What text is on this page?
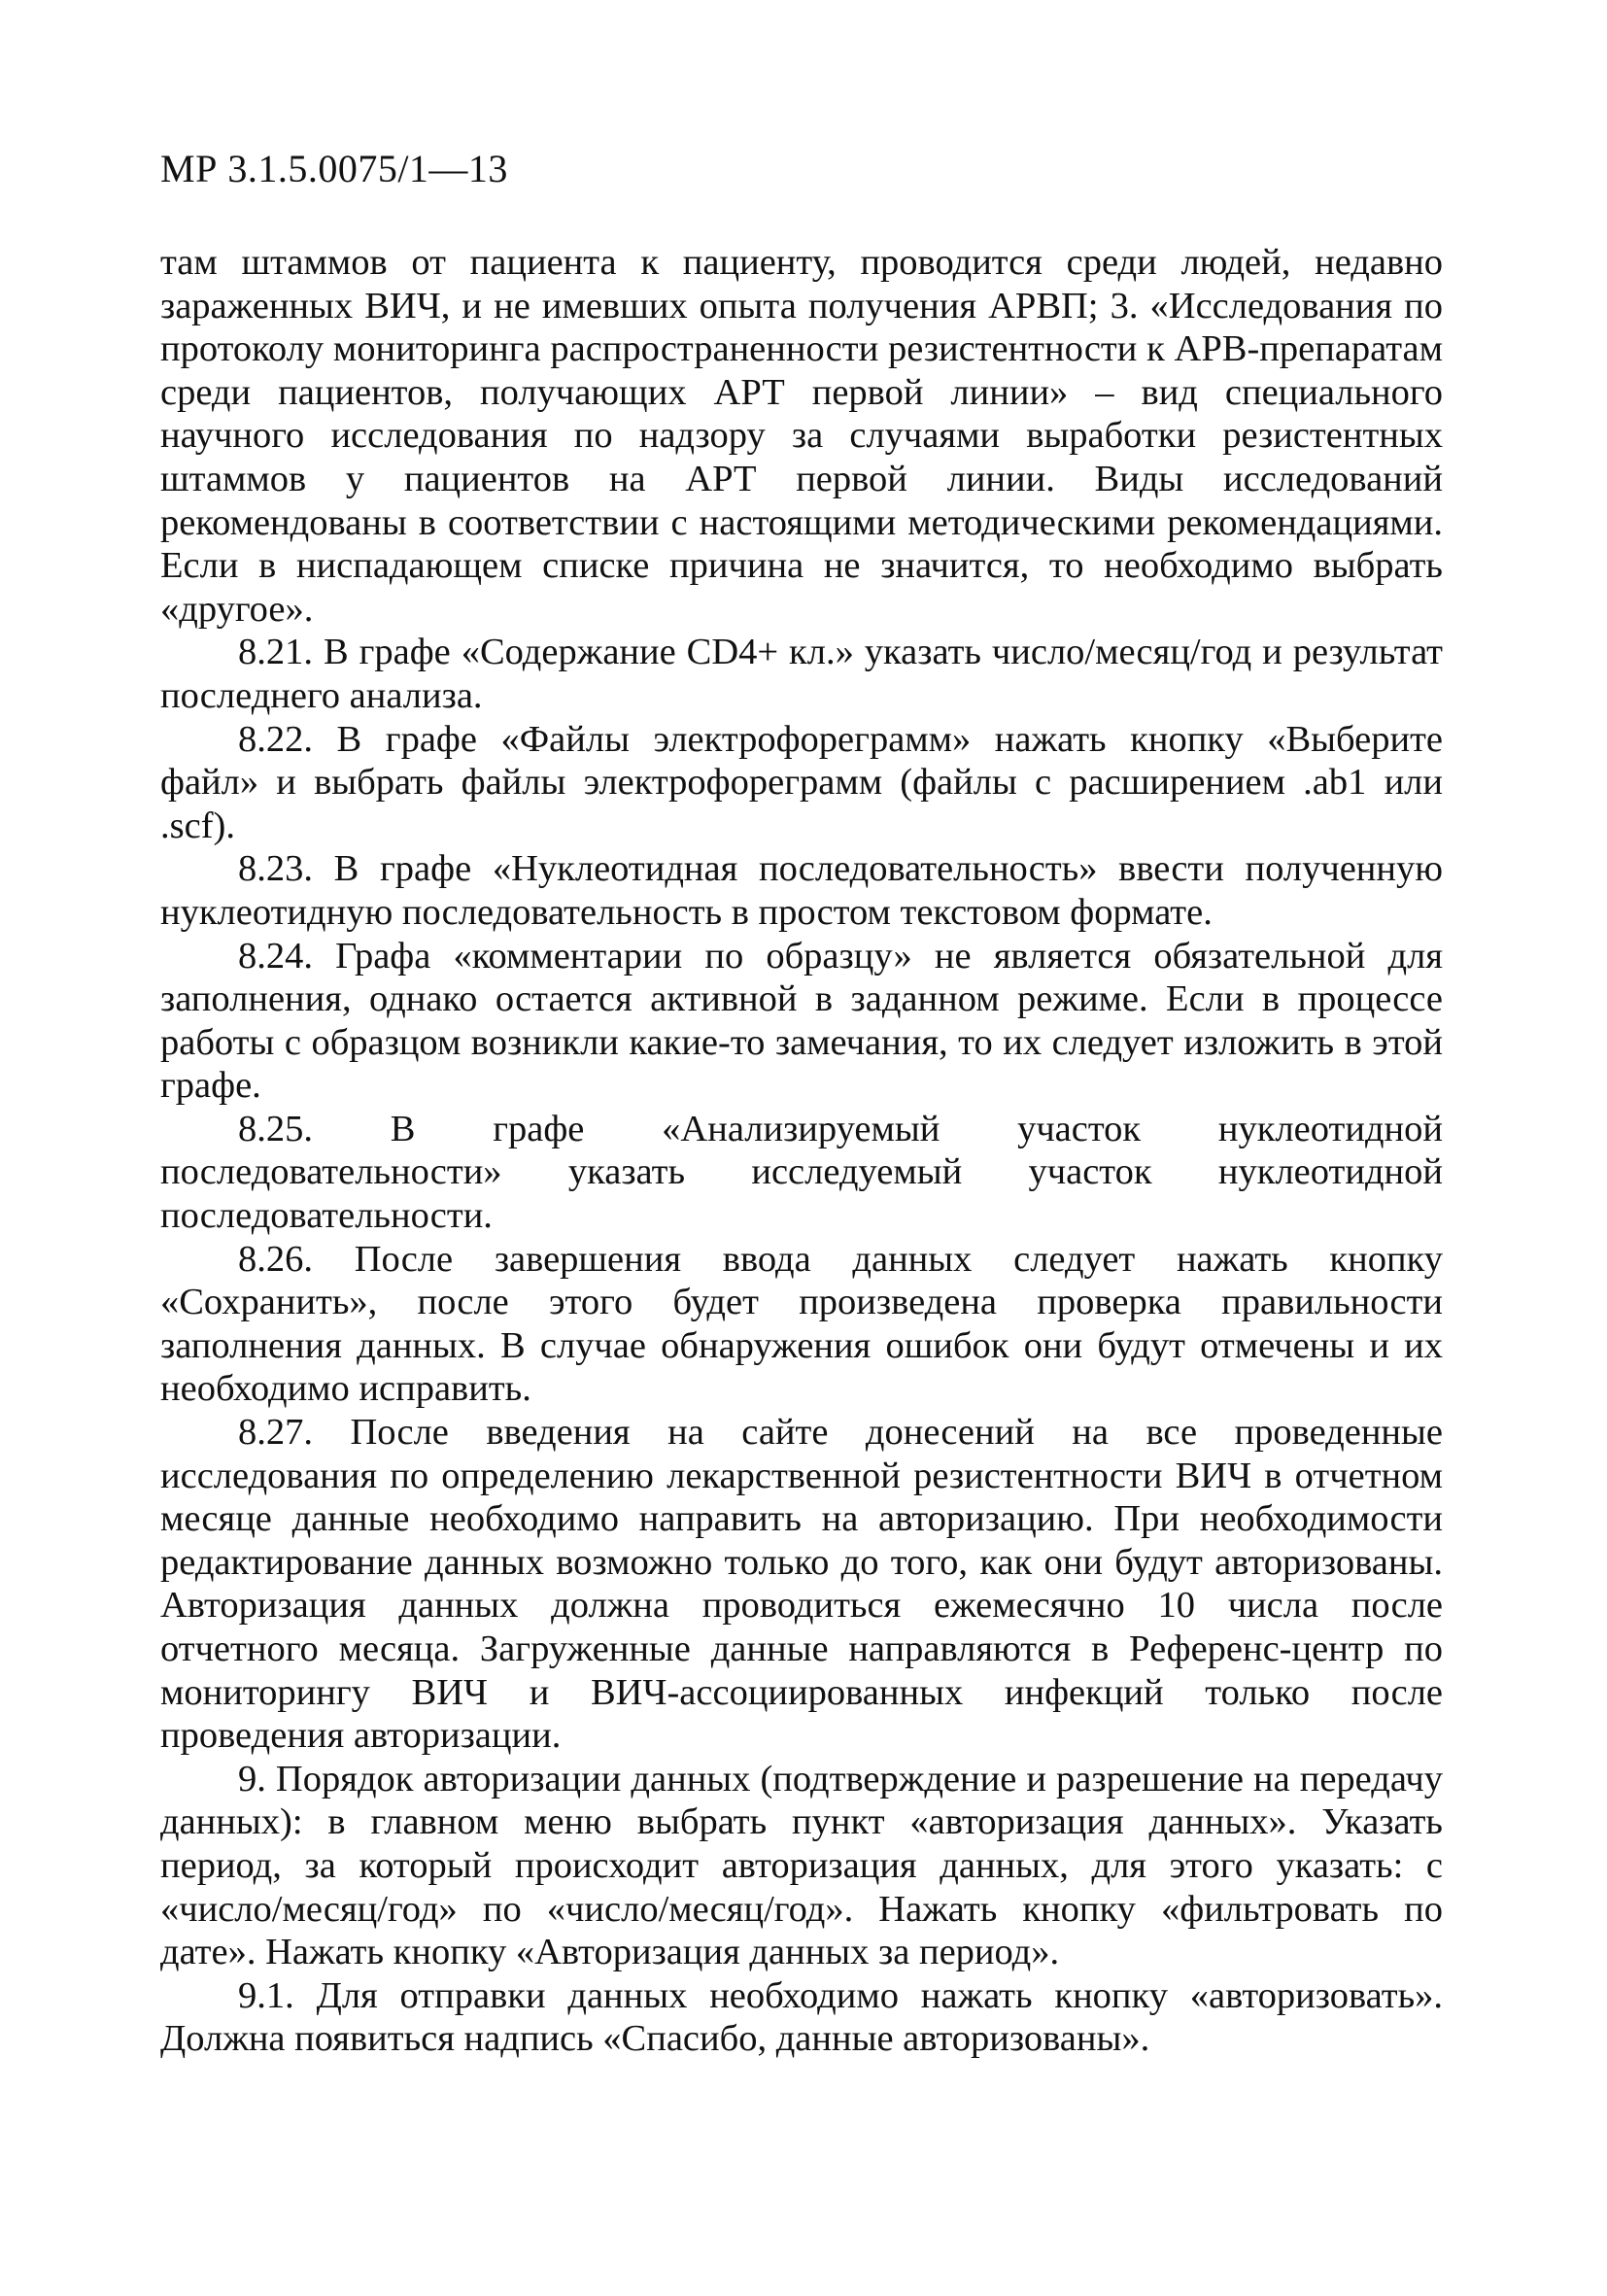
МР 3.1.5.0075/1—13

там штаммов от пациента к пациенту, проводится среди людей, недавно зараженных ВИЧ, и не имевших опыта получения АРВП; 3. «Исследования по протоколу мониторинга распространенности резистентности к АРВ-препаратам среди пациентов, получающих АРТ первой линии» – вид специального научного исследования по надзору за случаями выработки резистентных штаммов у пациентов на АРТ первой линии. Виды исследований рекомендованы в соответствии с настоящими методическими рекомендациями. Если в ниспадающем списке причина не значится, то необходимо выбрать «другое».

8.21. В графе «Содержание CD4+ кл.» указать число/месяц/год и результат последнего анализа.

8.22. В графе «Файлы электрофореграмм» нажать кнопку «Выберите файл» и выбрать файлы электрофореграмм (файлы с расширением .ab1 или .scf).

8.23. В графе «Нуклеотидная последовательность» ввести полученную нуклеотидную последовательность в простом текстовом формате.

8.24. Графа «комментарии по образцу» не является обязательной для заполнения, однако остается активной в заданном режиме. Если в процессе работы с образцом возникли какие-то замечания, то их следует изложить в этой графе.

8.25. В графе «Анализируемый участок нуклеотидной последовательности» указать исследуемый участок нуклеотидной последовательности.

8.26. После завершения ввода данных следует нажать кнопку «Сохранить», после этого будет произведена проверка правильности заполнения данных. В случае обнаружения ошибок они будут отмечены и их необходимо исправить.

8.27. После введения на сайте донесений на все проведенные исследования по определению лекарственной резистентности ВИЧ в отчетном месяце данные необходимо направить на авторизацию. При необходимости редактирование данных возможно только до того, как они будут авторизованы. Авторизация данных должна проводиться ежемесячно 10 числа после отчетного месяца. Загруженные данные направляются в Референс-центр по мониторингу ВИЧ и ВИЧ-ассоциированных инфекций только после проведения авторизации.

9. Порядок авторизации данных (подтверждение и разрешение на передачу данных): в главном меню выбрать пункт «авторизация данных». Указать период, за который происходит авторизация данных, для этого указать: с «число/месяц/год» по «число/месяц/год». Нажать кнопку «фильтровать по дате». Нажать кнопку «Авторизация данных за период».

9.1. Для отправки данных необходимо нажать кнопку «авторизовать». Должна появиться надпись «Спасибо, данные авторизованы».
